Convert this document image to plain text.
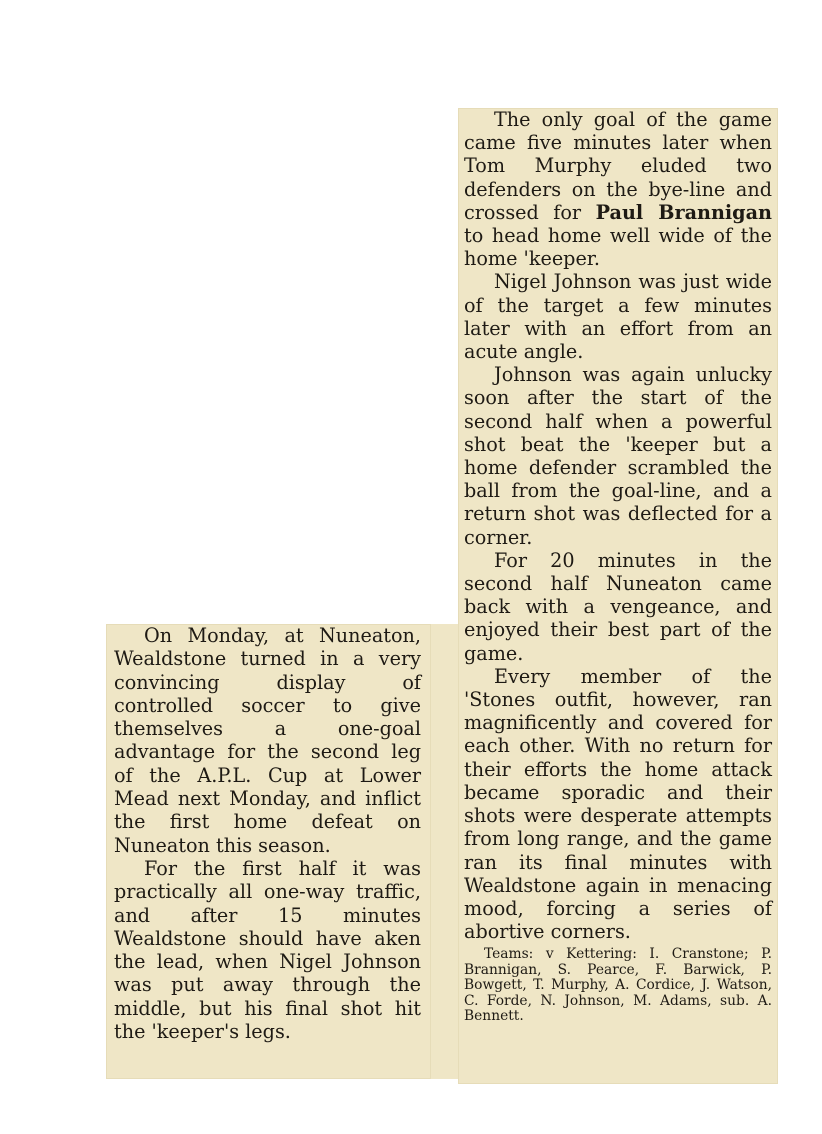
On Monday, at Nuneaton, Wealdstone turned in a very convincing display of controlled soccer to give themselves a one-goal advantage for the second leg of the A.P.L. Cup at Lower Mead next Monday, and inflict the first home defeat on Nuneaton this season.

For the first half it was practically all one-way traffic, and after 15 minutes Wealdstone should have aken the lead, when Nigel Johnson was put away through the middle, but his final shot hit the 'keeper's legs.

The only goal of the game came five minutes later when Tom Murphy eluded two defenders on the bye-line and crossed for Paul Brannigan to head home well wide of the home 'keeper.

Nigel Johnson was just wide of the target a few minutes later with an effort from an acute angle.

Johnson was again unlucky soon after the start of the second half when a powerful shot beat the 'keeper but a home defender scrambled the ball from the goal-line, and a return shot was deflected for a corner.

For 20 minutes in the second half Nuneaton came back with a vengeance, and enjoyed their best part of the game.

Every member of the 'Stones outfit, however, ran magnificently and covered for each other. With no return for their efforts the home attack became sporadic and their shots were desperate attempts from long range, and the game ran its final minutes with Wealdstone again in menacing mood, forcing a series of abortive corners.

Teams: v Kettering: I. Cranstone; P. Brannigan, S. Pearce, F. Barwick, P. Bowgett, T. Murphy, A. Cordice, J. Watson, C. Forde, N. Johnson, M. Adams, sub. A. Bennett.
